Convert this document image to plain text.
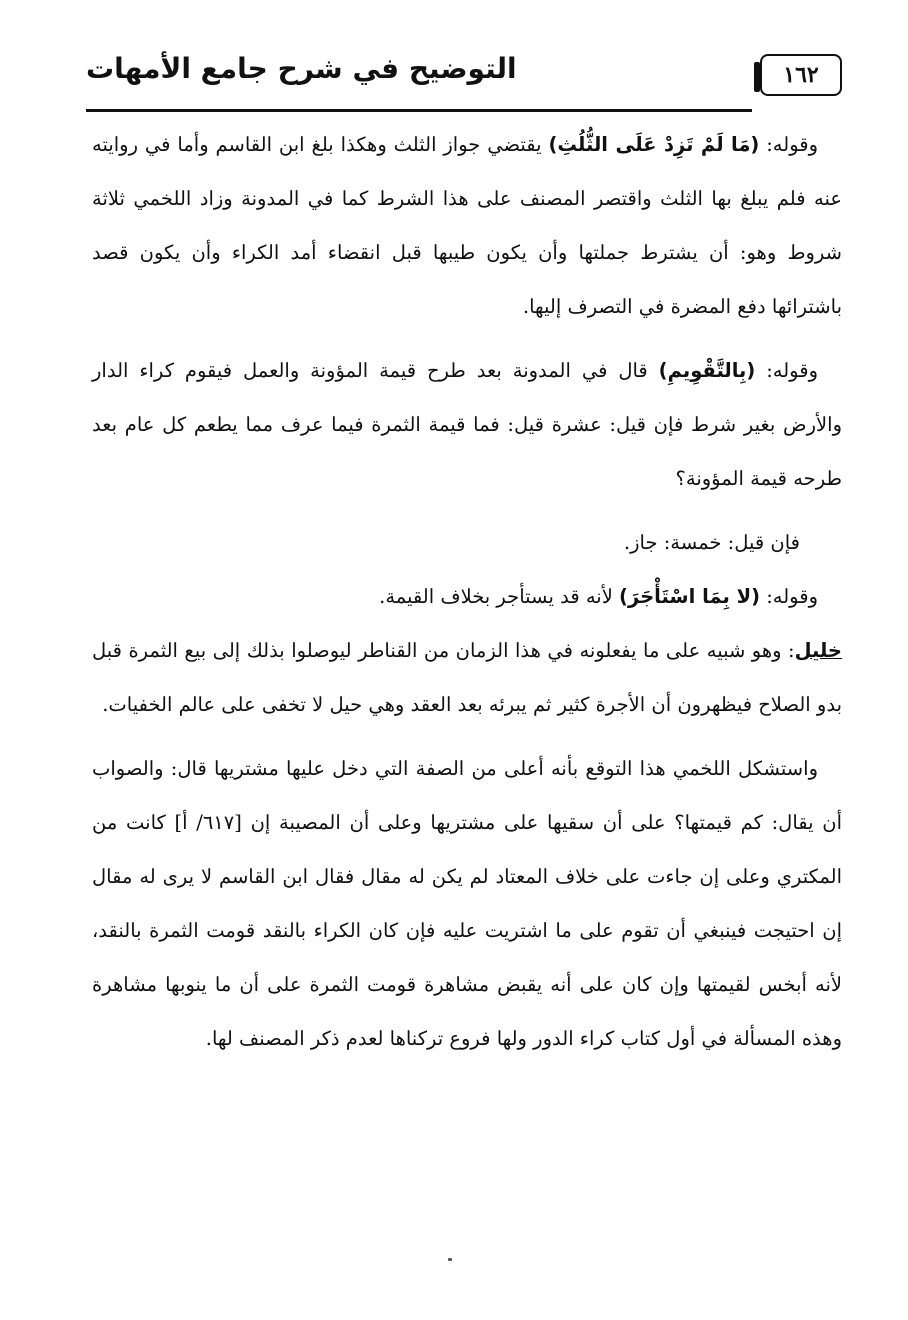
١٦٢
التوضيح في شرح جامع الأمهات

وقوله: (مَا لَمْ تَزِدْ عَلَى الثُّلُثِ) يقتضي جواز الثلث وهكذا بلغ ابن القاسم وأما في روايته عنه فلم يبلغ بها الثلث واقتصر المصنف على هذا الشرط كما في المدونة وزاد اللخمي ثلاثة شروط وهو: أن يشترط جملتها وأن يكون طيبها قبل انقضاء أمد الكراء وأن يكون قصد باشترائها دفع المضرة في التصرف إليها.

وقوله: (بِالتَّقْوِيمِ) قال في المدونة بعد طرح قيمة المؤونة والعمل فيقوم كراء الدار والأرض بغير شرط فإن قيل: عشرة قيل: فما قيمة الثمرة فيما عرف مما يطعم كل عام بعد طرحه قيمة المؤونة؟

فإن قيل: خمسة: جاز.

وقوله: (لا بِمَا اسْتَأْجَرَ) لأنه قد يستأجر بخلاف القيمة.

خليل: وهو شبيه على ما يفعلونه في هذا الزمان من القناطر ليوصلوا بذلك إلى بيع الثمرة قبل بدو الصلاح فيظهرون أن الأجرة كثير ثم يبرئه بعد العقد وهي حيل لا تخفى على عالم الخفيات.

واستشكل اللخمي هذا التوقع بأنه أعلى من الصفة التي دخل عليها مشتريها قال: والصواب أن يقال: كم قيمتها؟ على أن سقيها على مشتريها وعلى أن المصيبة إن [٦١٧/ أ] كانت من المكتري وعلى إن جاءت على خلاف المعتاد لم يكن له مقال فقال ابن القاسم لا يرى له مقال إن احتيجت فينبغي أن تقوم على ما اشتريت عليه فإن كان الكراء بالنقد قومت الثمرة بالنقد، لأنه أبخس لقيمتها وإن كان على أنه يقبض مشاهرة قومت الثمرة على أن ما ينوبها مشاهرة وهذه المسألة في أول كتاب كراء الدور ولها فروع تركناها لعدم ذكر المصنف لها.
